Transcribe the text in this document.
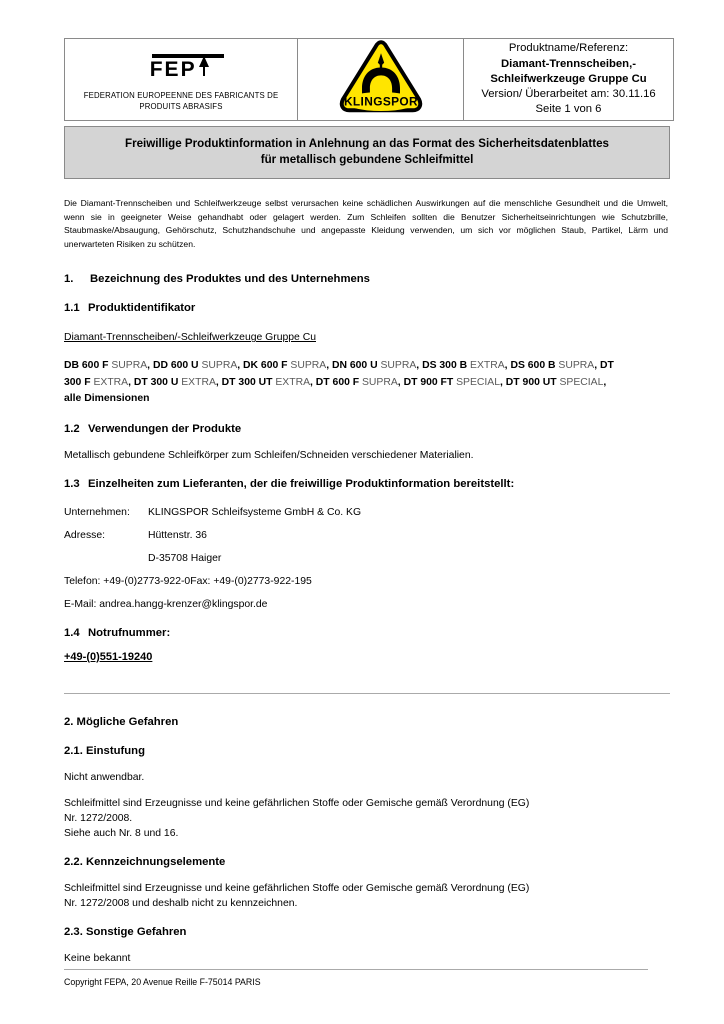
FEP
FEDERATION EUROPEENNE DES FABRICANTS DE PRODUITS ABRASIFS	KLINGSPOR

Produktname/Referenz:
Diamant-Trennscheiben,-
Schleifwerkzeuge Gruppe Cu
Version/ Überarbeitet am: 30.11.16
Seite 1 von 6
Freiwillige Produktinformation in Anlehnung an das Format des Sicherheitsdatenblattes
für metallisch gebundene Schleifmittel
Die Diamant-Trennscheiben und Schleifwerkzeuge selbst verursachen keine schädlichen Auswirkungen auf die menschliche Gesundheit und die Umwelt, wenn sie in geeigneter Weise gehandhabt oder gelagert werden. Zum Schleifen sollten die Benutzer Sicherheitseinrichtungen wie Schutzbrille, Staubmaske/Absaugung, Gehörschutz, Schutzhandschuhe und angepasste Kleidung verwenden, um sich vor möglichen Staub, Partikel, Lärm und unerwarteten Risiken zu schützen.
1. Bezeichnung des Produktes und des Unternehmens
1.1 Produktidentifikator

Diamant-Trennscheiben/-Schleifwerkzeuge Gruppe Cu

DB 600 F SUPRA, DD 600 U SUPRA, DK 600 F SUPRA, DN 600 U SUPRA, DS 300 B EXTRA, DS 600 B SUPRA, DT 300 F EXTRA, DT 300 U EXTRA, DT 300 UT EXTRA, DT 600 F SUPRA, DT 900 FT SPECIAL, DT 900 UT SPECIAL, alle Dimensionen
1.2 Verwendungen der Produkte

Metallisch gebundene Schleifkörper zum Schleifen/Schneiden verschiedener Materialien.

1.3 Einzelheiten zum Lieferanten, der die freiwillige Produktinformation bereitstellt:
Unternehmen:	KLINGSPOR Schleifsysteme GmbH & Co. KG
Adresse:	Hüttenstr. 36
D-35708 Haiger
Telefon: +49-(0)2773-922-0Fax: +49-(0)2773-922-195
E-Mail: andrea.hangg-krenzer@klingspor.de
1.4 Notrufnummer:

+49-(0)551-19240

2. Mögliche Gefahren
2.1. Einstufung

Nicht anwendbar.

Schleifmittel sind Erzeugnisse und keine gefährlichen Stoffe oder Gemische gemäß Verordnung (EG)
Nr. 1272/2008.
Siehe auch Nr. 8 und 16.

2.2. Kennzeichnungselemente

Schleifmittel sind Erzeugnisse und keine gefährlichen Stoffe oder Gemische gemäß Verordnung (EG)
Nr. 1272/2008 und deshalb nicht zu kennzeichnen.

2.3. Sonstige Gefahren

Keine bekannt

Copyright FEPA, 20 Avenue Reille F-75014 PARIS
